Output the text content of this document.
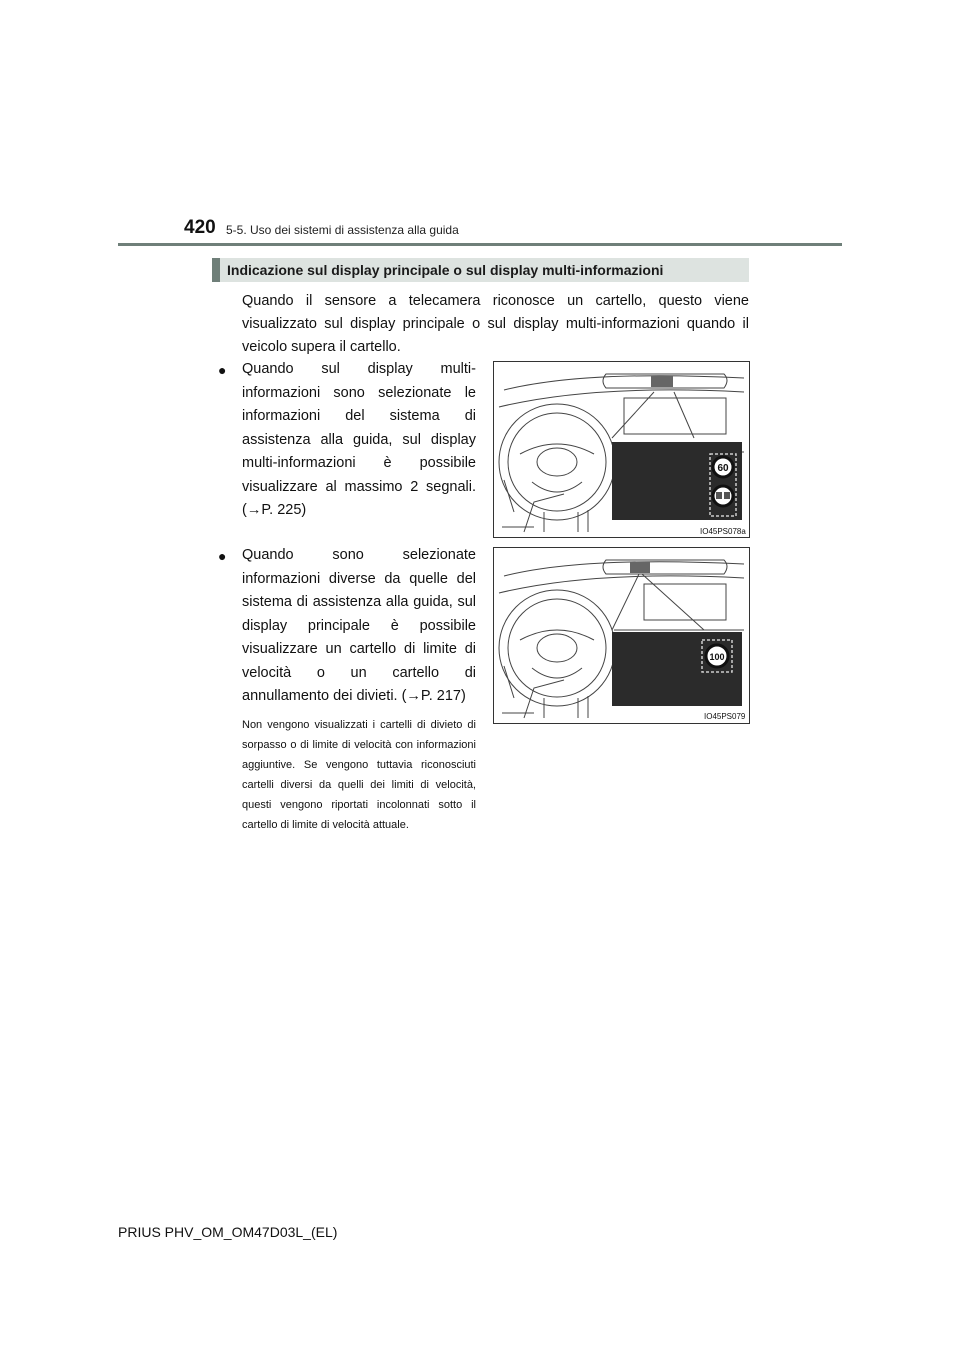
420 5-5. Uso dei sistemi di assistenza alla guida
Indicazione sul display principale o sul display multi-informazioni

Quando il sensore a telecamera riconosce un cartello, questo viene visualizzato sul display principale o sul display multi-informazioni quando il veicolo supera il cartello.

● Quando sul display multi-informazioni sono selezionate le informazioni del sistema di assistenza alla guida, sul display multi-informazioni è possibile visualizzare al massimo 2 segnali. (→P. 225)

60
IO45PS078a
● Quando sono selezionate informazioni diverse da quelle del sistema di assistenza alla guida, sul display principale è possibile visualizzare un cartello di limite di velocità o un cartello di annullamento dei divieti. (→P. 217)

Non vengono visualizzati i cartelli di divieto di sorpasso o di limite di velocità con informazioni aggiuntive. Se vengono tuttavia riconosciuti cartelli diversi da quelli dei limiti di velocità, questi vengono riportati incolonnati sotto il cartello di limite di velocità attuale.

100
IO45PS079
PRIUS PHV_OM_OM47D03L_(EL)
